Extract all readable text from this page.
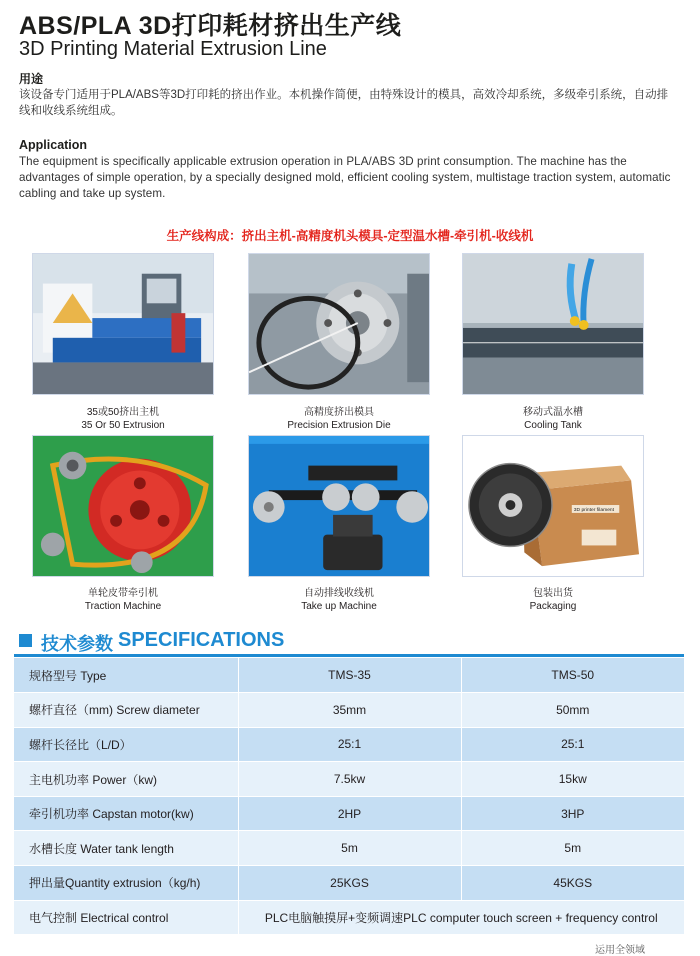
ABS/PLA 3D打印耗材挤出生产线
3D Printing Material Extrusion Line
用途
该设备专门适用于PLA/ABS等3D打印耗的挤出作业。本机操作简便，由特殊设计的模具，高效冷却系统，多级牵引系统，自动排线和收线系统组成。
Application
The equipment is specifically applicable extrusion operation in PLA/ABS 3D print consumption. The machine has the advantages of simple operation, by a specially designed mold, efficient cooling system, multistage traction system, automatic cabling and take up system.
生产线构成：挤出主机-高精度机头模具-定型温水槽-牵引机-收线机
35或50挤出主机
35 Or 50 Extrusion
高精度挤出模具
Precision Extrusion Die
移动式温水槽
Cooling Tank
单轮皮带牵引机
Traction Machine
自动排线收线机
Take up Machine
3D printer filament
包装出货
Packaging
技术参数 SPECIFICATIONS
规格型号 Type	TMS-35	TMS-50
螺杆直径（mm) Screw diameter	35mm	50mm
螺杆长径比（L/D）	25:1	25:1
主电机功率 Power（kw)	7.5kw	15kw
牵引机功率 Capstan motor(kw)	2HP	3HP
水槽长度 Water tank length	5m	5m
押出量Quantity extrusion（kg/h)	25KGS	45KGS
电气控制 Electrical control	PLC电脑触摸屏+变频调速PLC computer touch screen + frequency control	
运用全领域
